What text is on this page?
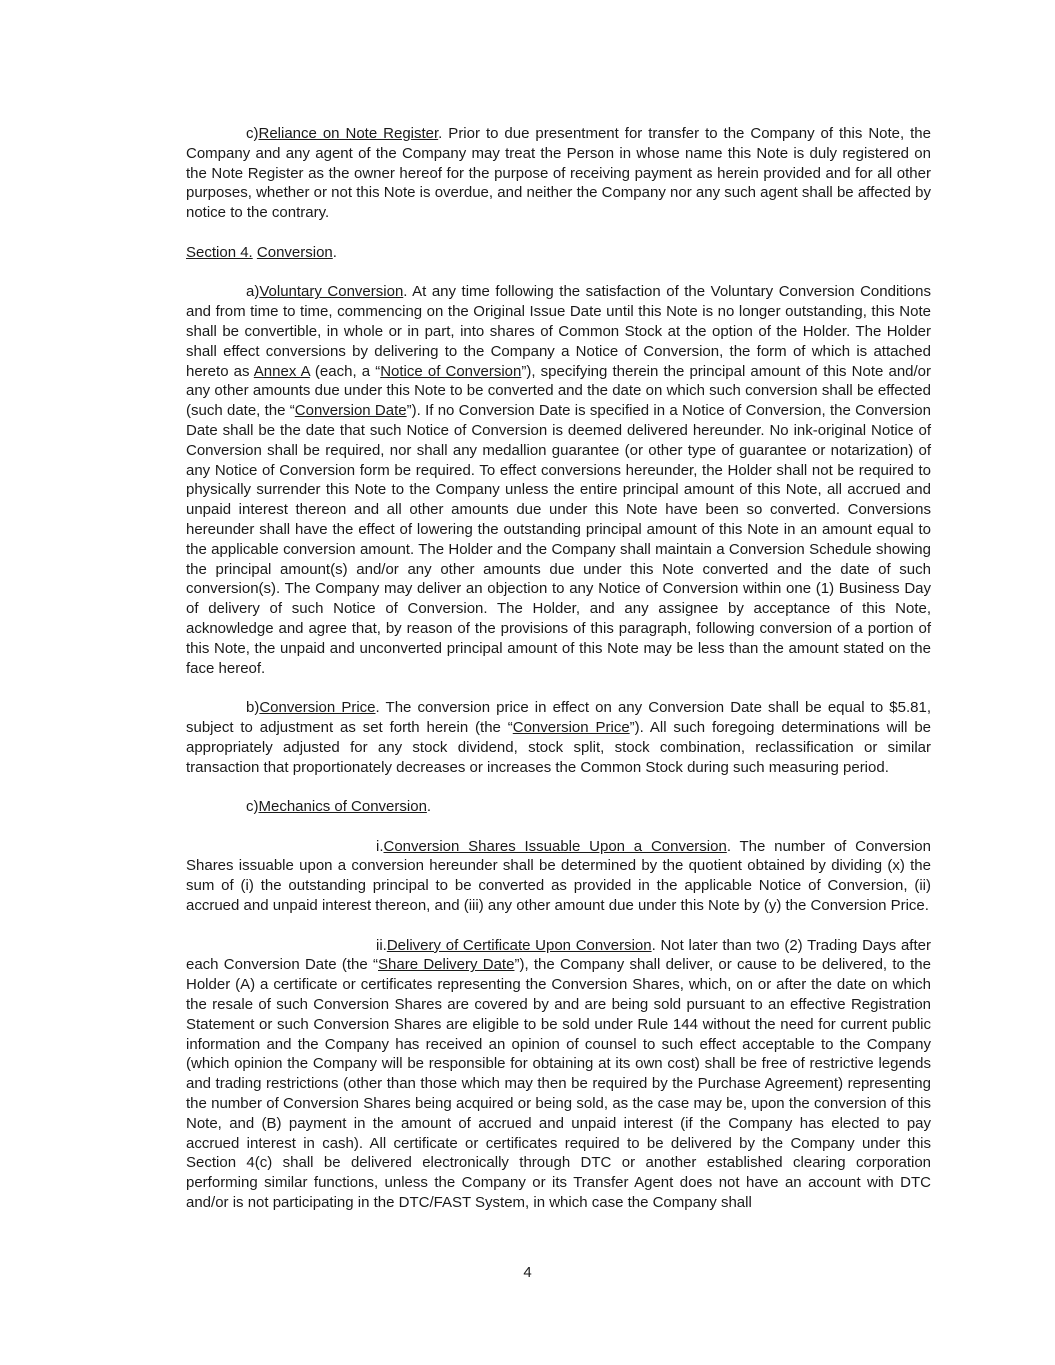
c)Reliance on Note Register. Prior to due presentment for transfer to the Company of this Note, the Company and any agent of the Company may treat the Person in whose name this Note is duly registered on the Note Register as the owner hereof for the purpose of receiving payment as herein provided and for all other purposes, whether or not this Note is overdue, and neither the Company nor any such agent shall be affected by notice to the contrary.

Section 4. Conversion.

a)Voluntary Conversion. At any time following the satisfaction of the Voluntary Conversion Conditions and from time to time, commencing on the Original Issue Date until this Note is no longer outstanding, this Note shall be convertible, in whole or in part, into shares of Common Stock at the option of the Holder. The Holder shall effect conversions by delivering to the Company a Notice of Conversion, the form of which is attached hereto as Annex A (each, a “Notice of Conversion”), specifying therein the principal amount of this Note and/or any other amounts due under this Note to be converted and the date on which such conversion shall be effected (such date, the “Conversion Date”). If no Conversion Date is specified in a Notice of Conversion, the Conversion Date shall be the date that such Notice of Conversion is deemed delivered hereunder. No ink-original Notice of Conversion shall be required, nor shall any medallion guarantee (or other type of guarantee or notarization) of any Notice of Conversion form be required. To effect conversions hereunder, the Holder shall not be required to physically surrender this Note to the Company unless the entire principal amount of this Note, all accrued and unpaid interest thereon and all other amounts due under this Note have been so converted. Conversions hereunder shall have the effect of lowering the outstanding principal amount of this Note in an amount equal to the applicable conversion amount. The Holder and the Company shall maintain a Conversion Schedule showing the principal amount(s) and/or any other amounts due under this Note converted and the date of such conversion(s). The Company may deliver an objection to any Notice of Conversion within one (1) Business Day of delivery of such Notice of Conversion. The Holder, and any assignee by acceptance of this Note, acknowledge and agree that, by reason of the provisions of this paragraph, following conversion of a portion of this Note, the unpaid and unconverted principal amount of this Note may be less than the amount stated on the face hereof.

b)Conversion Price. The conversion price in effect on any Conversion Date shall be equal to $5.81, subject to adjustment as set forth herein (the “Conversion Price”). All such foregoing determinations will be appropriately adjusted for any stock dividend, stock split, stock combination, reclassification or similar transaction that proportionately decreases or increases the Common Stock during such measuring period.

c)Mechanics of Conversion.

i.Conversion Shares Issuable Upon a Conversion. The number of Conversion Shares issuable upon a conversion hereunder shall be determined by the quotient obtained by dividing (x) the sum of (i) the outstanding principal to be converted as provided in the applicable Notice of Conversion, (ii) accrued and unpaid interest thereon, and (iii) any other amount due under this Note by (y) the Conversion Price.

ii.Delivery of Certificate Upon Conversion. Not later than two (2) Trading Days after each Conversion Date (the “Share Delivery Date”), the Company shall deliver, or cause to be delivered, to the Holder (A) a certificate or certificates representing the Conversion Shares, which, on or after the date on which the resale of such Conversion Shares are covered by and are being sold pursuant to an effective Registration Statement or such Conversion Shares are eligible to be sold under Rule 144 without the need for current public information and the Company has received an opinion of counsel to such effect acceptable to the Company (which opinion the Company will be responsible for obtaining at its own cost) shall be free of restrictive legends and trading restrictions (other than those which may then be required by the Purchase Agreement) representing the number of Conversion Shares being acquired or being sold, as the case may be, upon the conversion of this Note, and (B) payment in the amount of accrued and unpaid interest (if the Company has elected to pay accrued interest in cash). All certificate or certificates required to be delivered by the Company under this Section 4(c) shall be delivered electronically through DTC or another established clearing corporation performing similar functions, unless the Company or its Transfer Agent does not have an account with DTC and/or is not participating in the DTC/FAST System, in which case the Company shall

4
